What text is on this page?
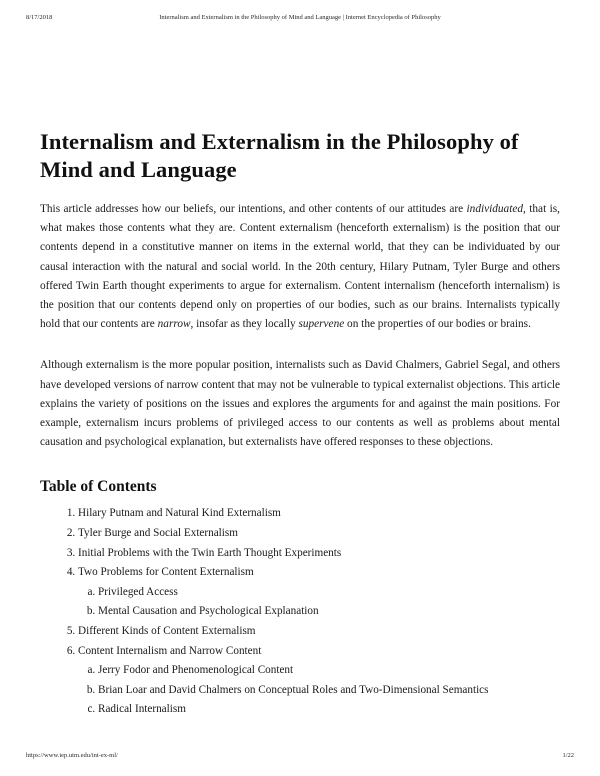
8/17/2018	Internalism and Externalism in the Philosophy of Mind and Language | Internet Encyclopedia of Philosophy
Internalism and Externalism in the Philosophy of Mind and Language

This article addresses how our beliefs, our intentions, and other contents of our attitudes are individuated, that is, what makes those contents what they are. Content externalism (henceforth externalism) is the position that our contents depend in a constitutive manner on items in the external world, that they can be individuated by our causal interaction with the natural and social world. In the 20th century, Hilary Putnam, Tyler Burge and others offered Twin Earth thought experiments to argue for externalism. Content internalism (henceforth internalism) is the position that our contents depend only on properties of our bodies, such as our brains. Internalists typically hold that our contents are narrow, insofar as they locally supervene on the properties of our bodies or brains.

Although externalism is the more popular position, internalists such as David Chalmers, Gabriel Segal, and others have developed versions of narrow content that may not be vulnerable to typical externalist objections. This article explains the variety of positions on the issues and explores the arguments for and against the main positions. For example, externalism incurs problems of privileged access to our contents as well as problems about mental causation and psychological explanation, but externalists have offered responses to these objections.

Table of Contents
1. Hilary Putnam and Natural Kind Externalism
2. Tyler Burge and Social Externalism
3. Initial Problems with the Twin Earth Thought Experiments
4. Two Problems for Content Externalism
a. Privileged Access
b. Mental Causation and Psychological Explanation
5. Different Kinds of Content Externalism
6. Content Internalism and Narrow Content
a. Jerry Fodor and Phenomenological Content
b. Brian Loar and David Chalmers on Conceptual Roles and Two-Dimensional Semantics
c. Radical Internalism
https://www.iep.utm.edu/int-ex-ml/	1/22
